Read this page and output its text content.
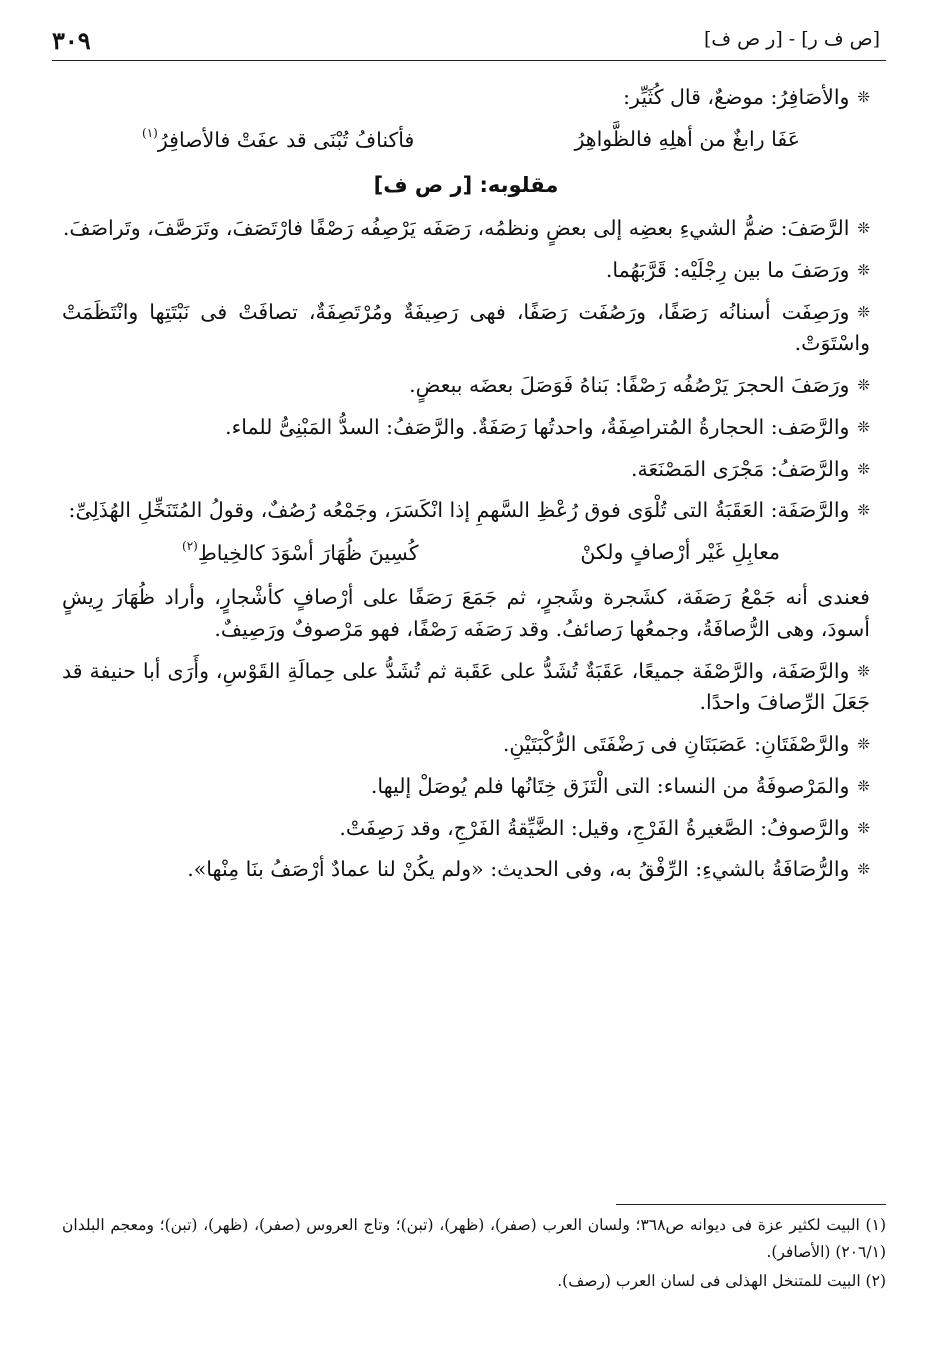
[ص ف ر] - [ر ص ف]
٣٠٩

❊والأصَافِرُ: موضعٌ، قال كُثَيِّر:

عَفَا رابغٌ من أهلِهِ فالظَّواهِرُ
فأكنافُ تُبْنَى قد عفَتْ فالأصافِرُ$^{(١)}$
مقلوبه: [ر ص ف]

❊الرَّصَفَ: ضمُّ الشيءِ بعضِه إلى بعضٍ ونظمُه، رَصَفَه يَرْصِفُه رَصْفًا فارْتَصَفَ، وتَرَصَّفَ، وتَراصَفَ.

❊ورَصَفَ ما بين رِجْلَيْه: قَرَّبَهُما.

❊ورَصِفَت أسنانُه رَصَفًا، ورَصُفَت رَصَفًا، فهى رَصِيفَةٌ ومُرْتَصِفَةٌ، تصافَتْ فى نَبْتَتِها وانْتَظَمَتْ واسْتَوَتْ.

❊ورَصَفَ الحجرَ يَرْصُفُه رَصْفًا: بَناهُ فَوَصَلَ بعضَه ببعضٍ.

❊والرَّصَف: الحجارةُ المُتراصِفَةُ، واحدتُها رَصَفَةٌ. والرَّصَفُ: السدُّ المَبْنِىُّ للماء.

❊والرَّصَفُ: مَجْرَى المَصْنَعَة.

❊والرَّصَفَة: العَقَبَةُ التى تُلْوَى فوق رُعْظِ السَّهمِ إذا انْكَسَرَ، وجَمْعُه رُصُفٌ، وقولُ المُتَنَخِّلِ الهُذَلِىِّ:

معابِلِ غَيْر أرْصافٍ ولكنْ
كُسِينَ ظُهَارَ أسْوَدَ كالخِياطِ$^{(٢)}$

فعندى أنه جَمْعُ رَصَفَة، كشَجرة وشَجرٍ، ثم جَمَعَ رَصَفًا على أرْصافٍ كأشْجارٍ، وأراد ظُهَارَ رِيشٍ أسودَ، وهى الرُّصافَةُ، وجمعُها رَصائفُ. وقد رَصَفَه رَصْفًا، فهو مَرْصوفٌ ورَصِيفٌ.

❊والرَّصَفَة، والرَّصْفَة جميعًا، عَقَبَةٌ تُشَدُّ على عَقَبة ثم تُشَدُّ على حِمالَةِ القَوْسِ، وأَرَى أبا حنيفة قد جَعَلَ الرِّصافَ واحدًا.

❊والرَّصْفَتَانِ: عَصَبَتَانِ فى رَضْفَتَى الرُّكْبَتَيْنِ.

❊والمَرْصوفَةُ من النساء: التى الْتَزَق خِتَانُها فلم يُوصَلْ إليها.

❊والرَّصوفُ: الصَّغيرةُ الفَرْجِ، وقيل: الضَّيِّقةُ الفَرْجِ، وقد رَصِفَتْ.

❊والرُّصَافَةُ بالشيءِ: الرِّفْقُ به، وفى الحديث: «ولم يكُنْ لنا عمادٌ أرْصَفُ بنَا مِنْها».

(١) البيت لكثير عزة فى ديوانه ص٣٦٨؛ ولسان العرب (صفر)، (ظهر)، (تبن)؛ وتاج العروس (صفر)، (ظهر)، (تبن)؛ ومعجم البلدان (٢٠٦/١) (الأصافر).

(٢) البيت للمتنخل الهذلى فى لسان العرب (رصف).
